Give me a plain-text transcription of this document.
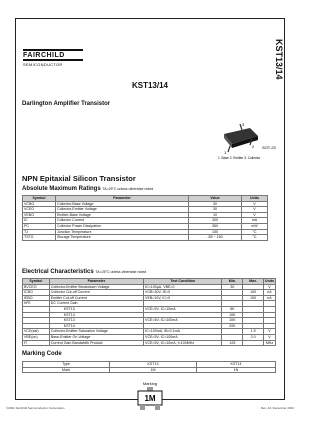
KST13/14
FAIRCHILD
SEMICONDUCTOR
KST13/14
Darlington Amplifier Transistor
3
1
2 SOT-23
1. Base 2. Emitter 3. Collector
NPN Epitaxial Silicon Transistor
Absolute Maximum Ratings TA=25°C unless otherwise noted
Symbol	Parameter	Value	Units
VCBO	Collector-Base Voltage	30	V
VCEO	Collector-Emitter Voltage	30	V
VEBO	Emitter-Base Voltage	10	V
IC	Collector Current	300	mA
PC	Collector Power Dissipation	350	mW
TJ	Junction Temperature	150	°C
TSTG	Storage Temperature	-55 ~ 150	°C
Electrical Characteristics TA=25°C unless otherwise noted
Symbol	Parameter	Test Condition	Min.	Max.	Units
BVCEO	Collector-Emitter Breakdown Voltage	IC=100μA, VBE=0	30		V
ICBO	Collector Cut-off Current	VCB=30V, IE=0		100	nA
IEBO	Emitter Cut-off Current	VEB=10V, IC=0		100	nA
hFE	DC Current Gain				
	KST13	VCE=5V, IC=10mA	5K		
	KST14		10K		
	KST13	VCE=5V, IC=100mA	10K		
	KST14		20K		
VCE(sat)	Collector-Emitter Saturation Voltage	IC=100mA, IB=0.1mA		1.5	V
VBE(on)	Base-Emitter On Voltage	VCE=5V, IC=100mA		2.0	V
fT	Current Gain Bandwidth Product	VCE=5V, IC=10mA, f=100MHz	125		MHz
Marking Code
Type	KST13	KST14
Mark	1M	1N
Marking
1M
©2002 Fairchild Semiconductor Corporation	Rev. A2, December 2002
